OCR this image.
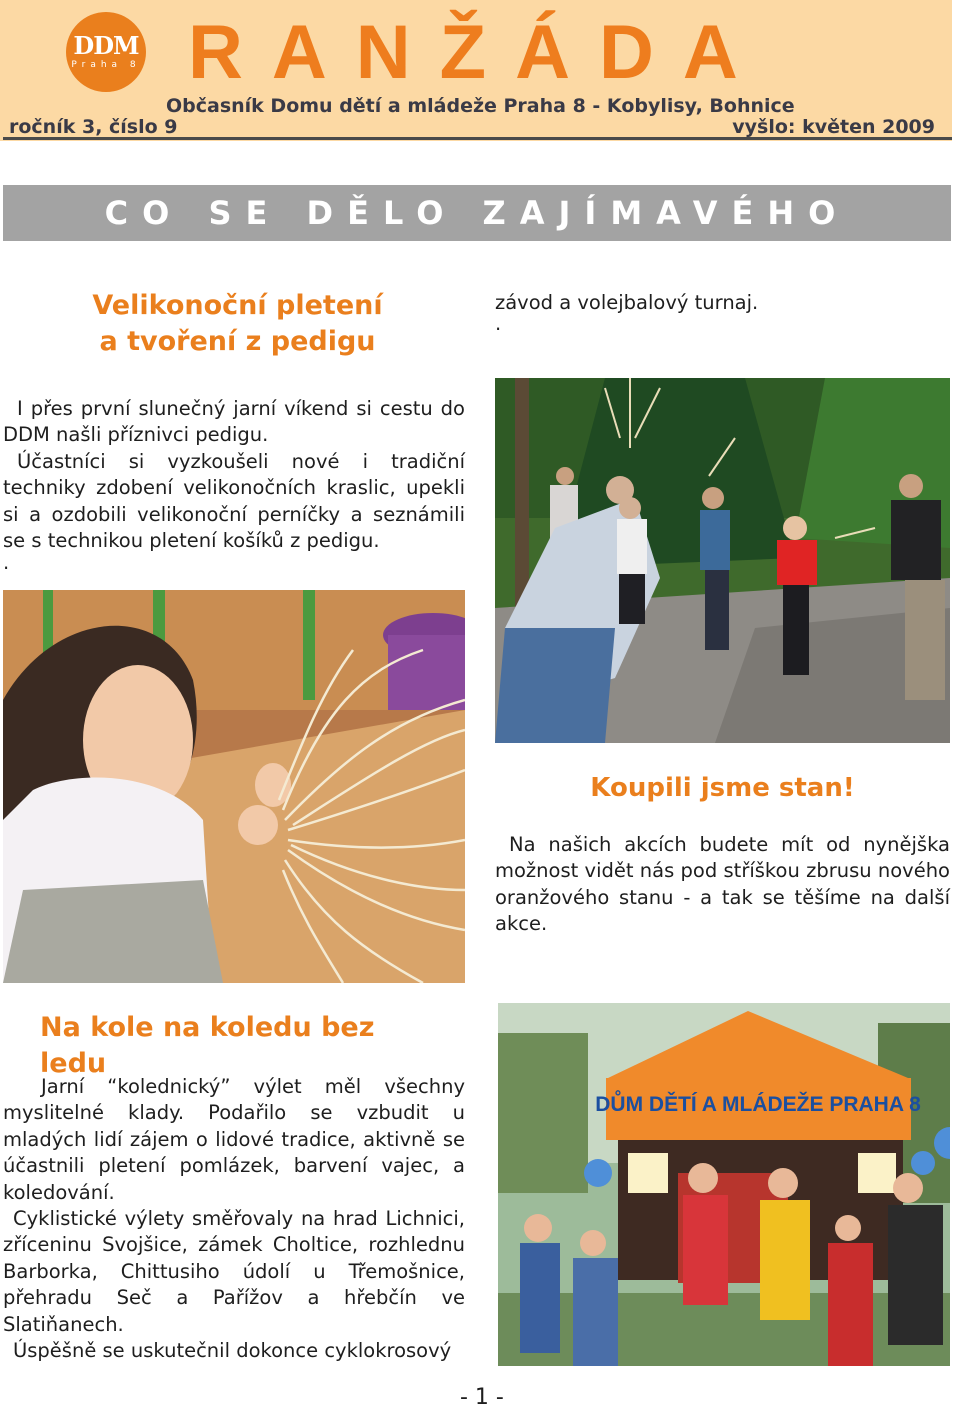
DDM
Praha 8 RANŽÁDA
Občasník Domu dětí a mládeže Praha 8 - Kobylisy, Bohnice
ročník 3, číslo 9	vyšlo: květen 2009
CO SE DĚLO ZAJÍMAVÉHO
Velikonoční pletení
a tvoření z pedigu

I přes první slunečný jarní víkend si cestu do DDM našli příznivci pedigu.

Účastníci si vyzkoušeli nové i tradiční techniky zdobení velikonočních kraslic, upekli si a ozdobili velikonoční perníčky a seznámili se s technikou pletení košíků z pedigu.

.

závod a volejbalový turnaj.

.

Koupili jsme stan!

Na našich akcích budete mít od nynějška možnost vidět nás pod stříškou zbrusu nového oranžového stanu - a tak se těšíme na další akce.

Na kole na koledu bez ledu

Jarní “kolednický” výlet měl všechny myslitelné klady. Podařilo se vzbudit u mladých lidí zájem o lidové tradice, aktivně se účastnili pletení pomlázek, barvení vajec, a koledování.

Cyklistické výlety směřovaly na hrad Lichnici, zříceninu Svojšice, zámek Choltice, rozhlednu Barborka, Chittusiho údolí u Třemošnice, přehradu Seč a Pařížov a hřebčín ve Slatiňanech.

Úspěšně se uskutečnil dokonce cyklokrosový

DŮM DĚTÍ A MLÁDEŽE PRAHA 8
- 1 -
